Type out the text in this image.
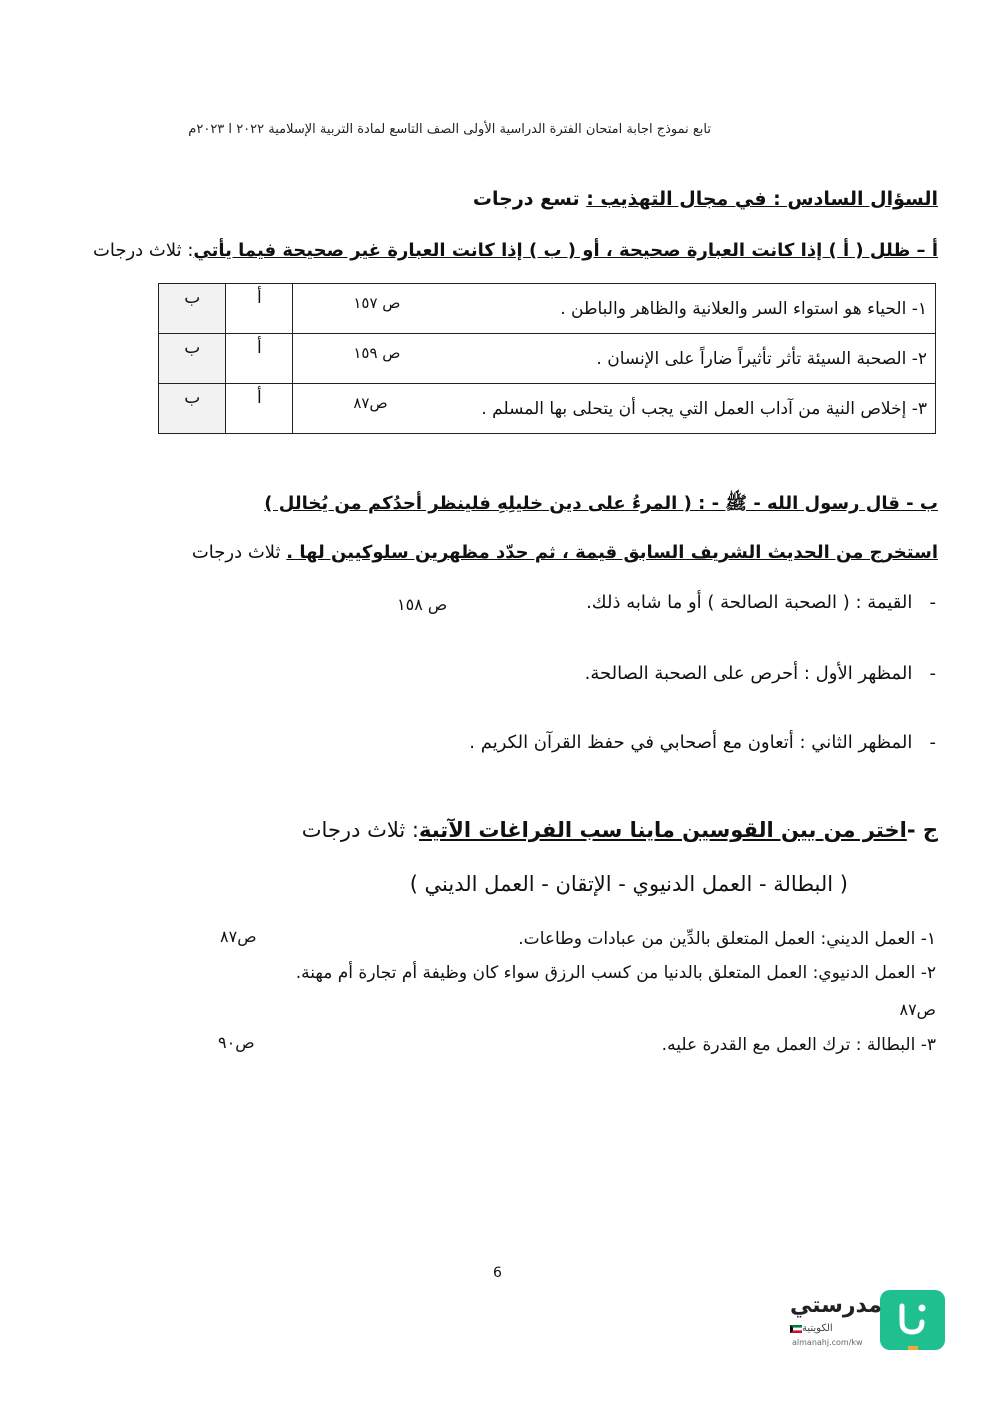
تابع نموذج اجابة امتحان الفترة الدراسية الأولى الصف التاسع لمادة التربية الإسلامية ٢٠٢٢ ا ٢٠٢٣م
السؤال السادس : في مجال التهذيب : تسع درجات
أ – ظلل ( أ ) إذا كانت العبارة صحيحة ، أو ( ب ) إذا كانت العبارة غير صحيحة فيما يأتي: ثلاث درجات
١- الحياء هو استواء السر والعلانية والظاهر والباطن .
ص ١٥٧	أ	ب
٢- الصحبة السيئة تأثر تأثيراً ضاراً على الإنسان .
ص ١٥٩	أ	ب
٣- إخلاص النية من آداب العمل التي يجب أن يتحلى بها المسلم .
ص٨٧	أ	ب
ب - قال رسول الله - ﷺ - : ( المرءُ على دين خليلِهِ فلينظر أحدُكم من يُخالل )
استخرج من الحديث الشريف السابق قيمة ، ثم حدّد مظهرين سلوكيين لها . ثلاث درجات
-   القيمة : ( الصحبة الصالحة ) أو ما شابه ذلك.
ص ١٥٨
-   المظهر الأول : أحرص على الصحبة الصالحة.
-   المظهر الثاني : أتعاون مع أصحابي في حفظ القرآن الكريم .
ج -اختر من بين القوسين ماينا سب الفراغات الآتية: ثلاث درجات
( البطالة - العمل الدنيوي - الإتقان - العمل الديني )
١- العمل الديني: العمل المتعلق بالدِّين من عبادات وطاعات.
ص٨٧
٢- العمل الدنيوي: العمل المتعلق بالدنيا من كسب الرزق سواء كان وظيفة أم تجارة أم مهنة.
ص٨٧
٣- البطالة : ترك العمل مع القدرة عليه.
ص٩٠
6
مدرستي
الكويتية
almanahj.com/kw
